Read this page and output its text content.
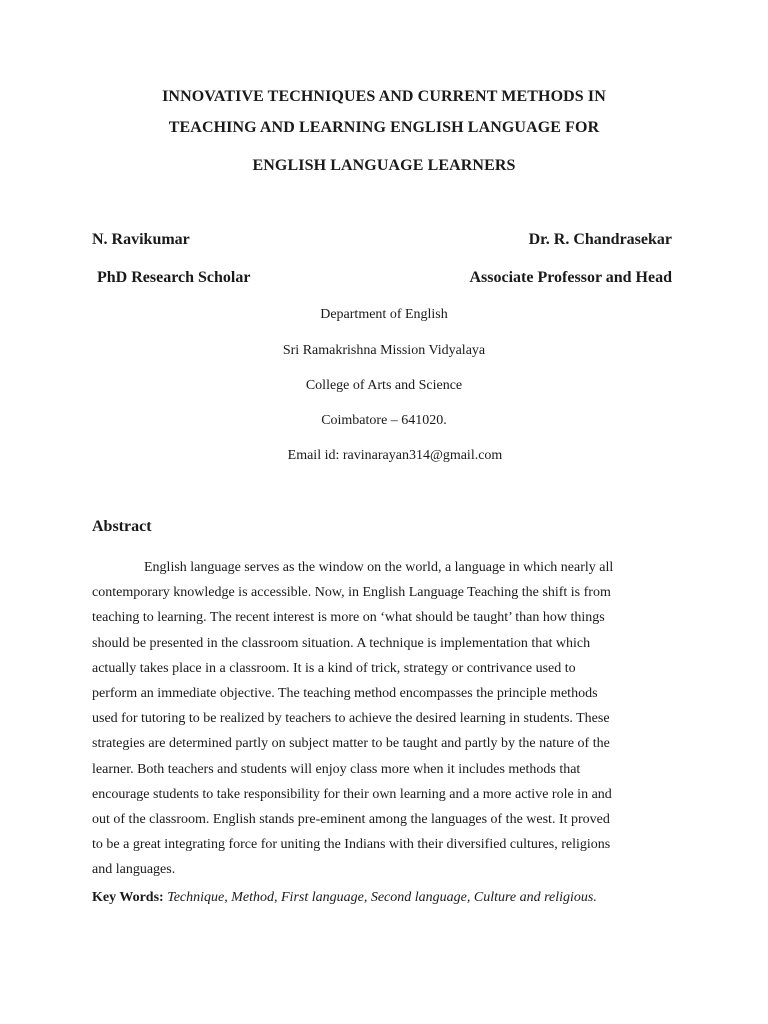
INNOVATIVE TECHNIQUES AND CURRENT METHODS IN
TEACHING AND LEARNING ENGLISH LANGUAGE FOR
ENGLISH LANGUAGE LEARNERS
N. Ravikumar	Dr. R. Chandrasekar
PhD Research Scholar	Associate Professor and Head
Department of English
Sri Ramakrishna Mission Vidyalaya
College of Arts and Science
Coimbatore – 641020.
Email id: ravinarayan314@gmail.com
Abstract
English language serves as the window on the world, a language in which nearly all
contemporary knowledge is accessible. Now, in English Language Teaching the shift is from
teaching to learning. The recent interest is more on ‘what should be taught’ than how things
should be presented in the classroom situation. A technique is implementation that which
actually takes place in a classroom. It is a kind of trick, strategy or contrivance used to
perform an immediate objective. The teaching method encompasses the principle methods
used for tutoring to be realized by teachers to achieve the desired learning in students. These
strategies are determined partly on subject matter to be taught and partly by the nature of the
learner. Both teachers and students will enjoy class more when it includes methods that
encourage students to take responsibility for their own learning and a more active role in and
out of the classroom. English stands pre-eminent among the languages of the west. It proved
to be a great integrating force for uniting the Indians with their diversified cultures, religions
and languages.
Key Words: Technique, Method, First language, Second language, Culture and religious.
